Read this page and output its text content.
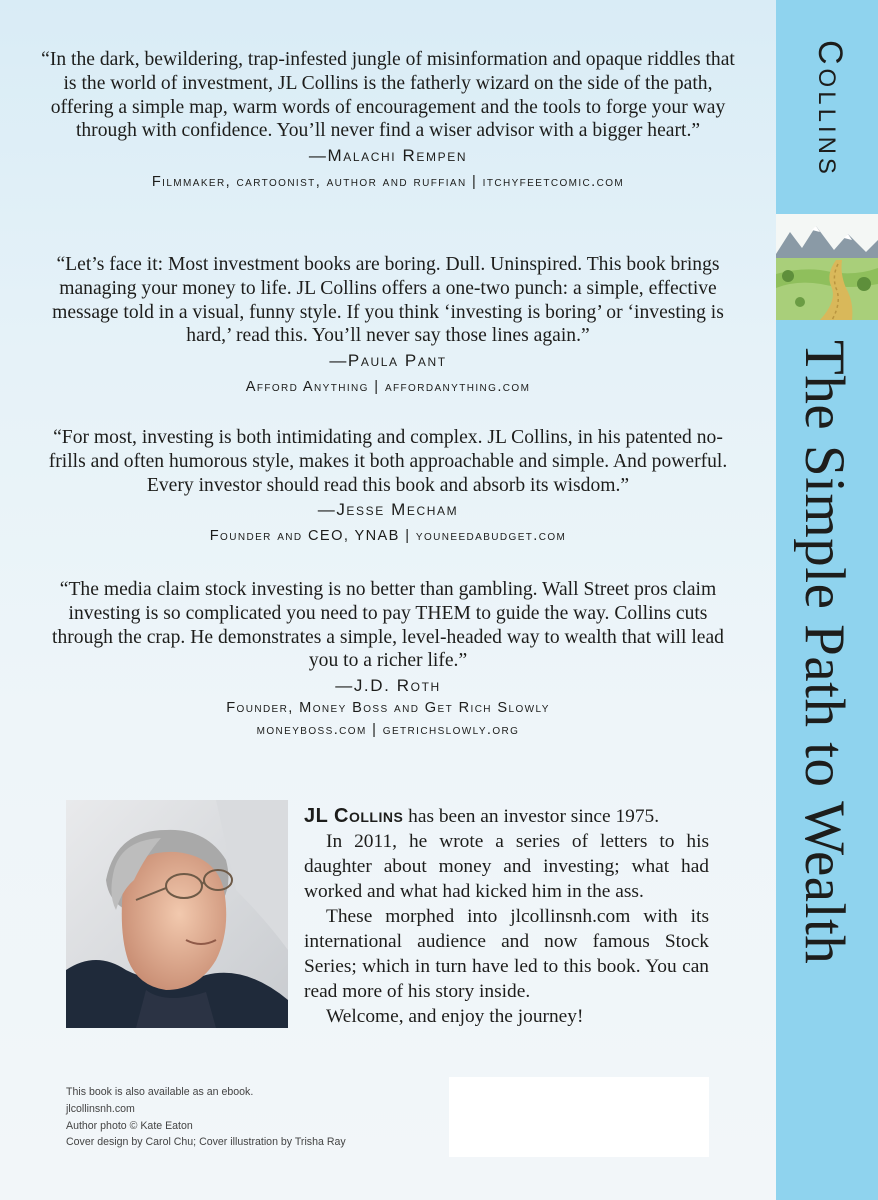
“In the dark, bewildering, trap-infested jungle of misinformation and opaque riddles that is the world of investment, JL Collins is the fatherly wizard on the side of the path, offering a simple map, warm words of encouragement and the tools to forge your way through with confidence. You’ll never find a wiser advisor with a bigger heart.”

—Malachi Rempen
Filmmaker, cartoonist, author and ruffian | itchyfeetcomic.com

“Let’s face it: Most investment books are boring. Dull. Uninspired. This book brings managing your money to life. JL Collins offers a one-two punch: a simple, effective message told in a visual, funny style. If you think ‘investing is boring’ or ‘investing is hard,’ read this. You’ll never say those lines again.”

—Paula Pant
Afford Anything | affordanything.com

“For most, investing is both intimidating and complex. JL Collins, in his patented no-frills and often humorous style, makes it both approachable and simple. And powerful. Every investor should read this book and absorb its wisdom.”

—Jesse Mecham
Founder and CEO, YNAB | youneedabudget.com

“The media claim stock investing is no better than gambling. Wall Street pros claim investing is so complicated you need to pay THEM to guide the way. Collins cuts through the crap. He demonstrates a simple, level-headed way to wealth that will lead you to a richer life.”

—J.D. Roth
Founder, Money Boss and Get Rich Slowly
moneyboss.com | getrichslowly.org

JL Collins has been an investor since 1975.

In 2011, he wrote a series of letters to his daughter about money and investing; what had worked and what had kicked him in the ass.

These morphed into jlcollinsnh.com with its international audience and now famous Stock Series; which in turn have led to this book. You can read more of his story inside.

Welcome, and enjoy the journey!

This book is also available as an ebook.
jlcollinsnh.com
Author photo © Kate Eaton
Cover design by Carol Chu; Cover illustration by Trisha Ray
Collins
The Simple Path to Wealth
